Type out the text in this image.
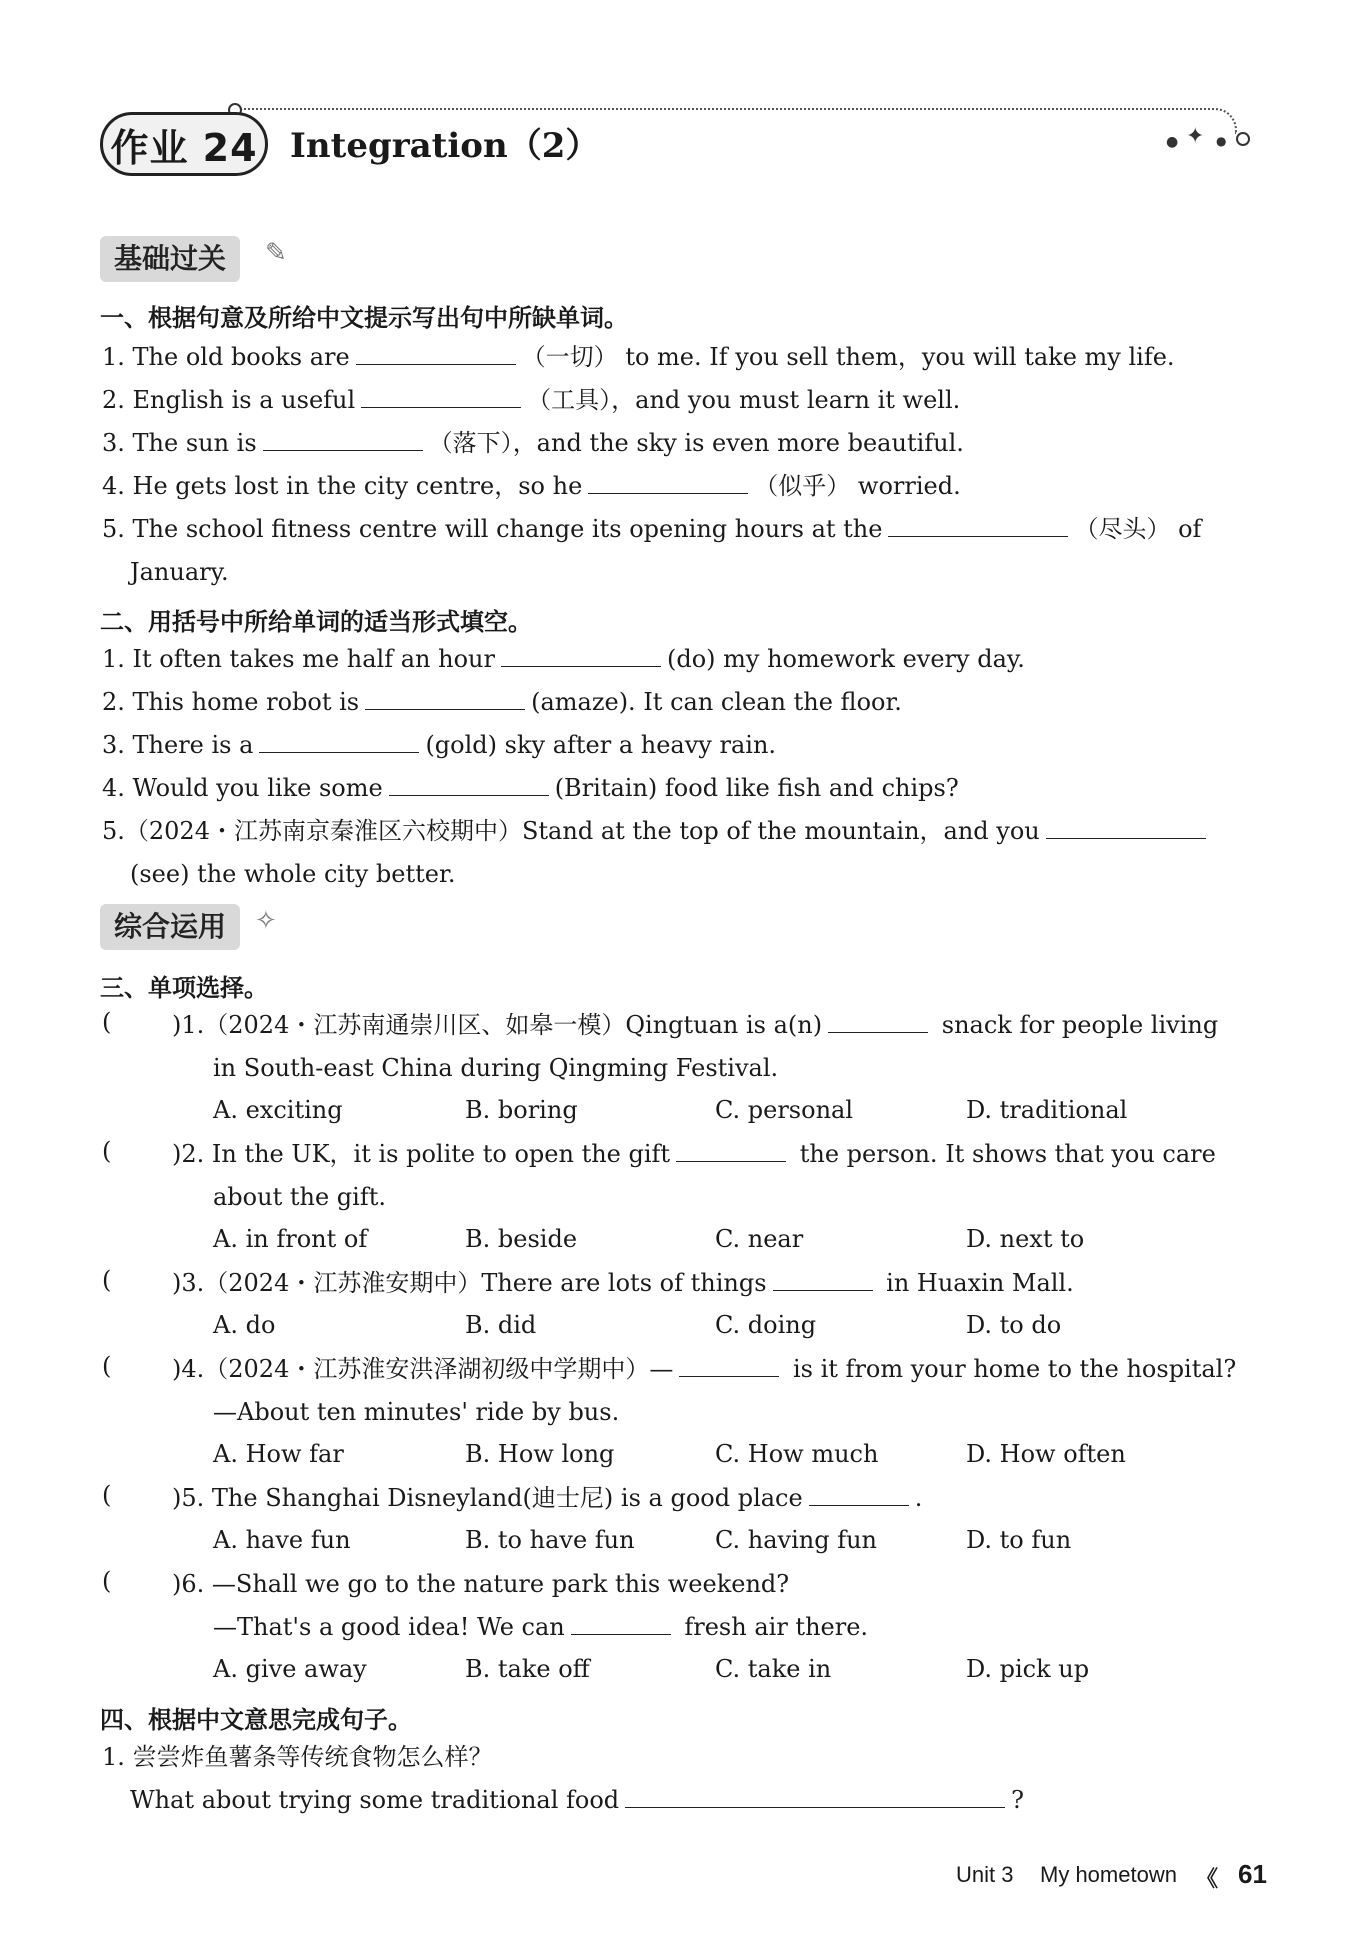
✦
●	●
作业 24 Integration（2）
基础过关	✎
一、根据句意及所给中文提示写出句中所缺单词。
1. The old books are	（一切） to me. If you sell them，you will take my life.
2. English is a useful	（工具），and you must learn it well.
3. The sun is	（落下），and the sky is even more beautiful.
4. He gets lost in the city centre，so he	（似乎） worried.
5. The school fitness centre will change its opening hours at the	（尽头） of
January.
二、用括号中所给单词的适当形式填空。
1. It often takes me half an hour	(do) my homework every day.
2. This home robot is	(amaze). It can clean the floor.
3. There is a	(gold) sky after a heavy rain.
4. Would you like some	(Britain) food like fish and chips?
5.（2024・江苏南京秦淮区六校期中）Stand at the top of the mountain，and you
(see) the whole city better.
综合运用	✧
三、单项选择。
(	)1.（2024・江苏南通崇川区、如皋一模）Qingtuan is a(n)	snack for people living
in South-east China during Qingming Festival.
A. exciting	B. boring	C. personal	D. traditional
(	)2. In the UK，it is polite to open the gift	the person. It shows that you care
about the gift.
A. in front of	B. beside	C. near	D. next to
(	)3.（2024・江苏淮安期中）There are lots of things	in Huaxin Mall.
A. do	B. did	C. doing	D. to do
(	)4.（2024・江苏淮安洪泽湖初级中学期中）—	is it from your home to the hospital?
—About ten minutes' ride by bus.
A. How far	B. How long	C. How much	D. How often
(	)5. The Shanghai Disneyland(迪士尼) is a good place	.
A. have fun	B. to have fun	C. having fun	D. to fun
(	)6. —Shall we go to the nature park this weekend?
—That's a good idea! We can	fresh air there.
A. give away	B. take off	C. take in	D. pick up
四、根据中文意思完成句子。
1. 尝尝炸鱼薯条等传统食物怎么样？
What about trying some traditional food	?
Unit 3 My hometown 《 61
